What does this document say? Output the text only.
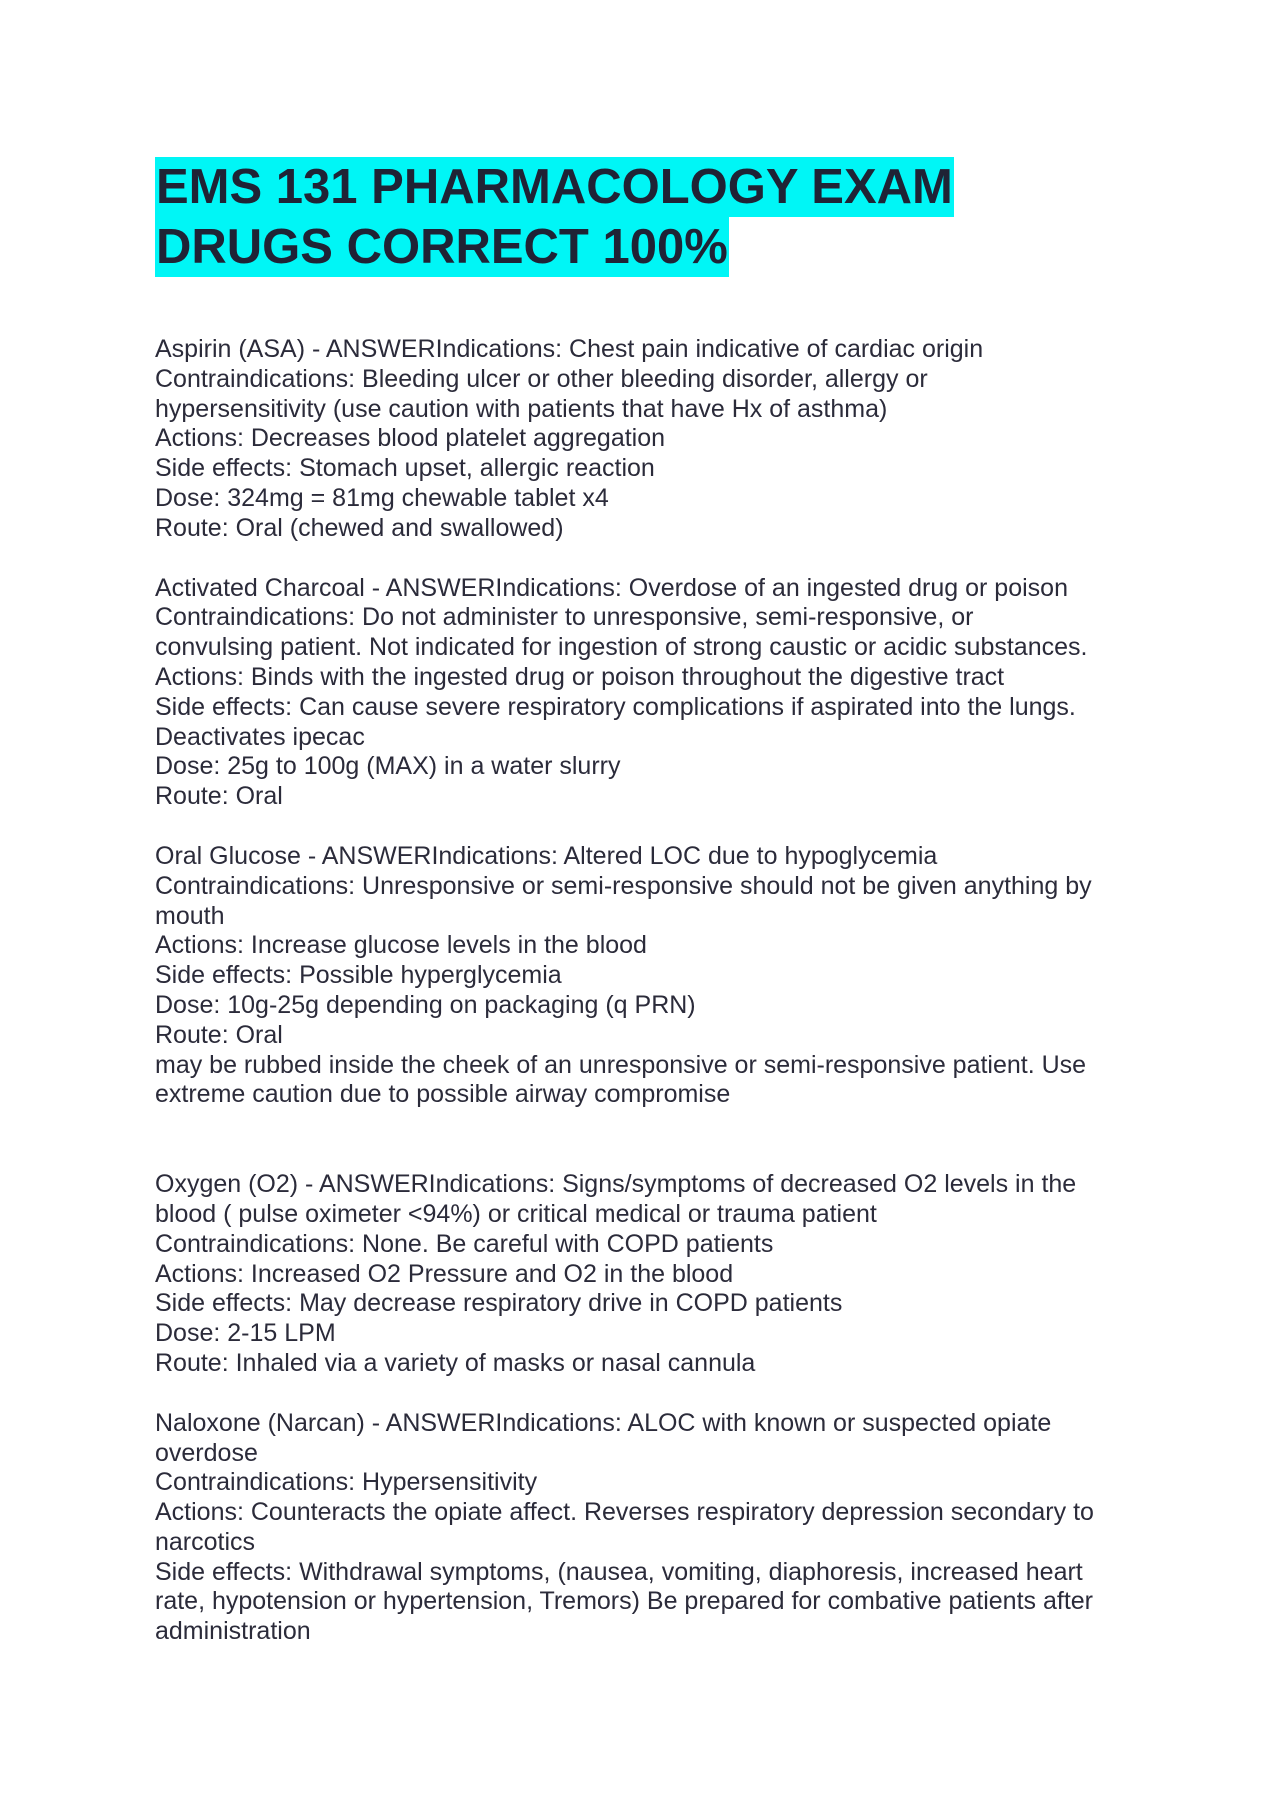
EMS 131 PHARMACOLOGY EXAM
DRUGS CORRECT 100%
Aspirin (ASA) - ANSWERIndications: Chest pain indicative of cardiac origin
Contraindications: Bleeding ulcer or other bleeding disorder, allergy or
hypersensitivity (use caution with patients that have Hx of asthma)
Actions: Decreases blood platelet aggregation
Side effects: Stomach upset, allergic reaction
Dose: 324mg = 81mg chewable tablet x4
Route: Oral (chewed and swallowed)
Activated Charcoal - ANSWERIndications: Overdose of an ingested drug or poison
Contraindications: Do not administer to unresponsive, semi-responsive, or
convulsing patient. Not indicated for ingestion of strong caustic or acidic substances.
Actions: Binds with the ingested drug or poison throughout the digestive tract
Side effects: Can cause severe respiratory complications if aspirated into the lungs.
Deactivates ipecac
Dose: 25g to 100g (MAX) in a water slurry
Route: Oral
Oral Glucose - ANSWERIndications: Altered LOC due to hypoglycemia
Contraindications: Unresponsive or semi-responsive should not be given anything by
mouth
Actions: Increase glucose levels in the blood
Side effects: Possible hyperglycemia
Dose: 10g-25g depending on packaging (q PRN)
Route: Oral
may be rubbed inside the cheek of an unresponsive or semi-responsive patient. Use
extreme caution due to possible airway compromise
Oxygen (O2) - ANSWERIndications: Signs/symptoms of decreased O2 levels in the
blood ( pulse oximeter <94%) or critical medical or trauma patient
Contraindications: None. Be careful with COPD patients
Actions: Increased O2 Pressure and O2 in the blood
Side effects: May decrease respiratory drive in COPD patients
Dose: 2-15 LPM
Route: Inhaled via a variety of masks or nasal cannula
Naloxone (Narcan) - ANSWERIndications: ALOC with known or suspected opiate
overdose
Contraindications: Hypersensitivity
Actions: Counteracts the opiate affect. Reverses respiratory depression secondary to
narcotics
Side effects: Withdrawal symptoms, (nausea, vomiting, diaphoresis, increased heart
rate, hypotension or hypertension, Tremors) Be prepared for combative patients after
administration
